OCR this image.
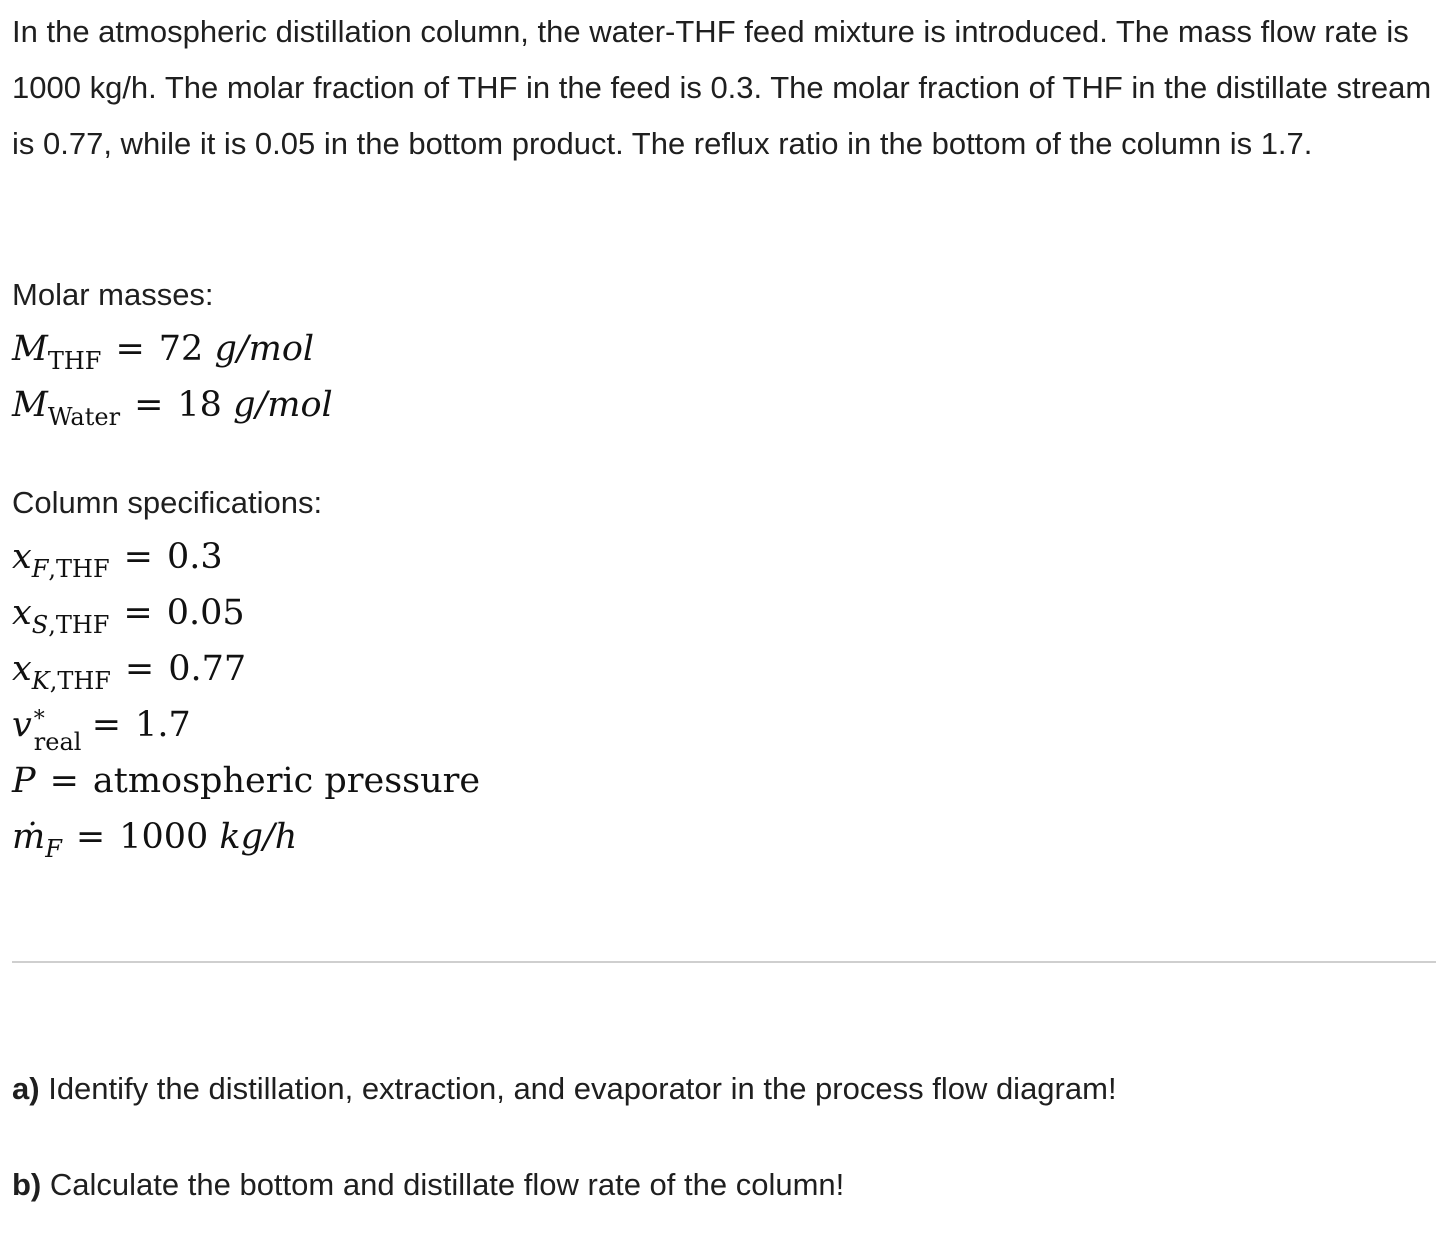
In the atmospheric distillation column, the water-THF feed mixture is introduced. The mass flow rate is 1000 kg/h. The molar fraction of THF in the feed is 0.3. The molar fraction of THF in the distillate stream is 0.77, while it is 0.05 in the bottom product. The reflux ratio in the bottom of the column is 1.7.

Molar masses:

$M_{THF} = 72$ g/mol
$M_{Water} = 18$ g/mol

Column specifications:

$x_{F,THF} = 0.3$
$x_{S,THF} = 0.05$
$x_{K,THF} = 0.77$
v *
real = 1.7
P = atmospheric pressure
ṁ$_F$ = 1000 kg/h

a) Identify the distillation, extraction, and evaporator in the process flow diagram!

b) Calculate the bottom and distillate flow rate of the column!
